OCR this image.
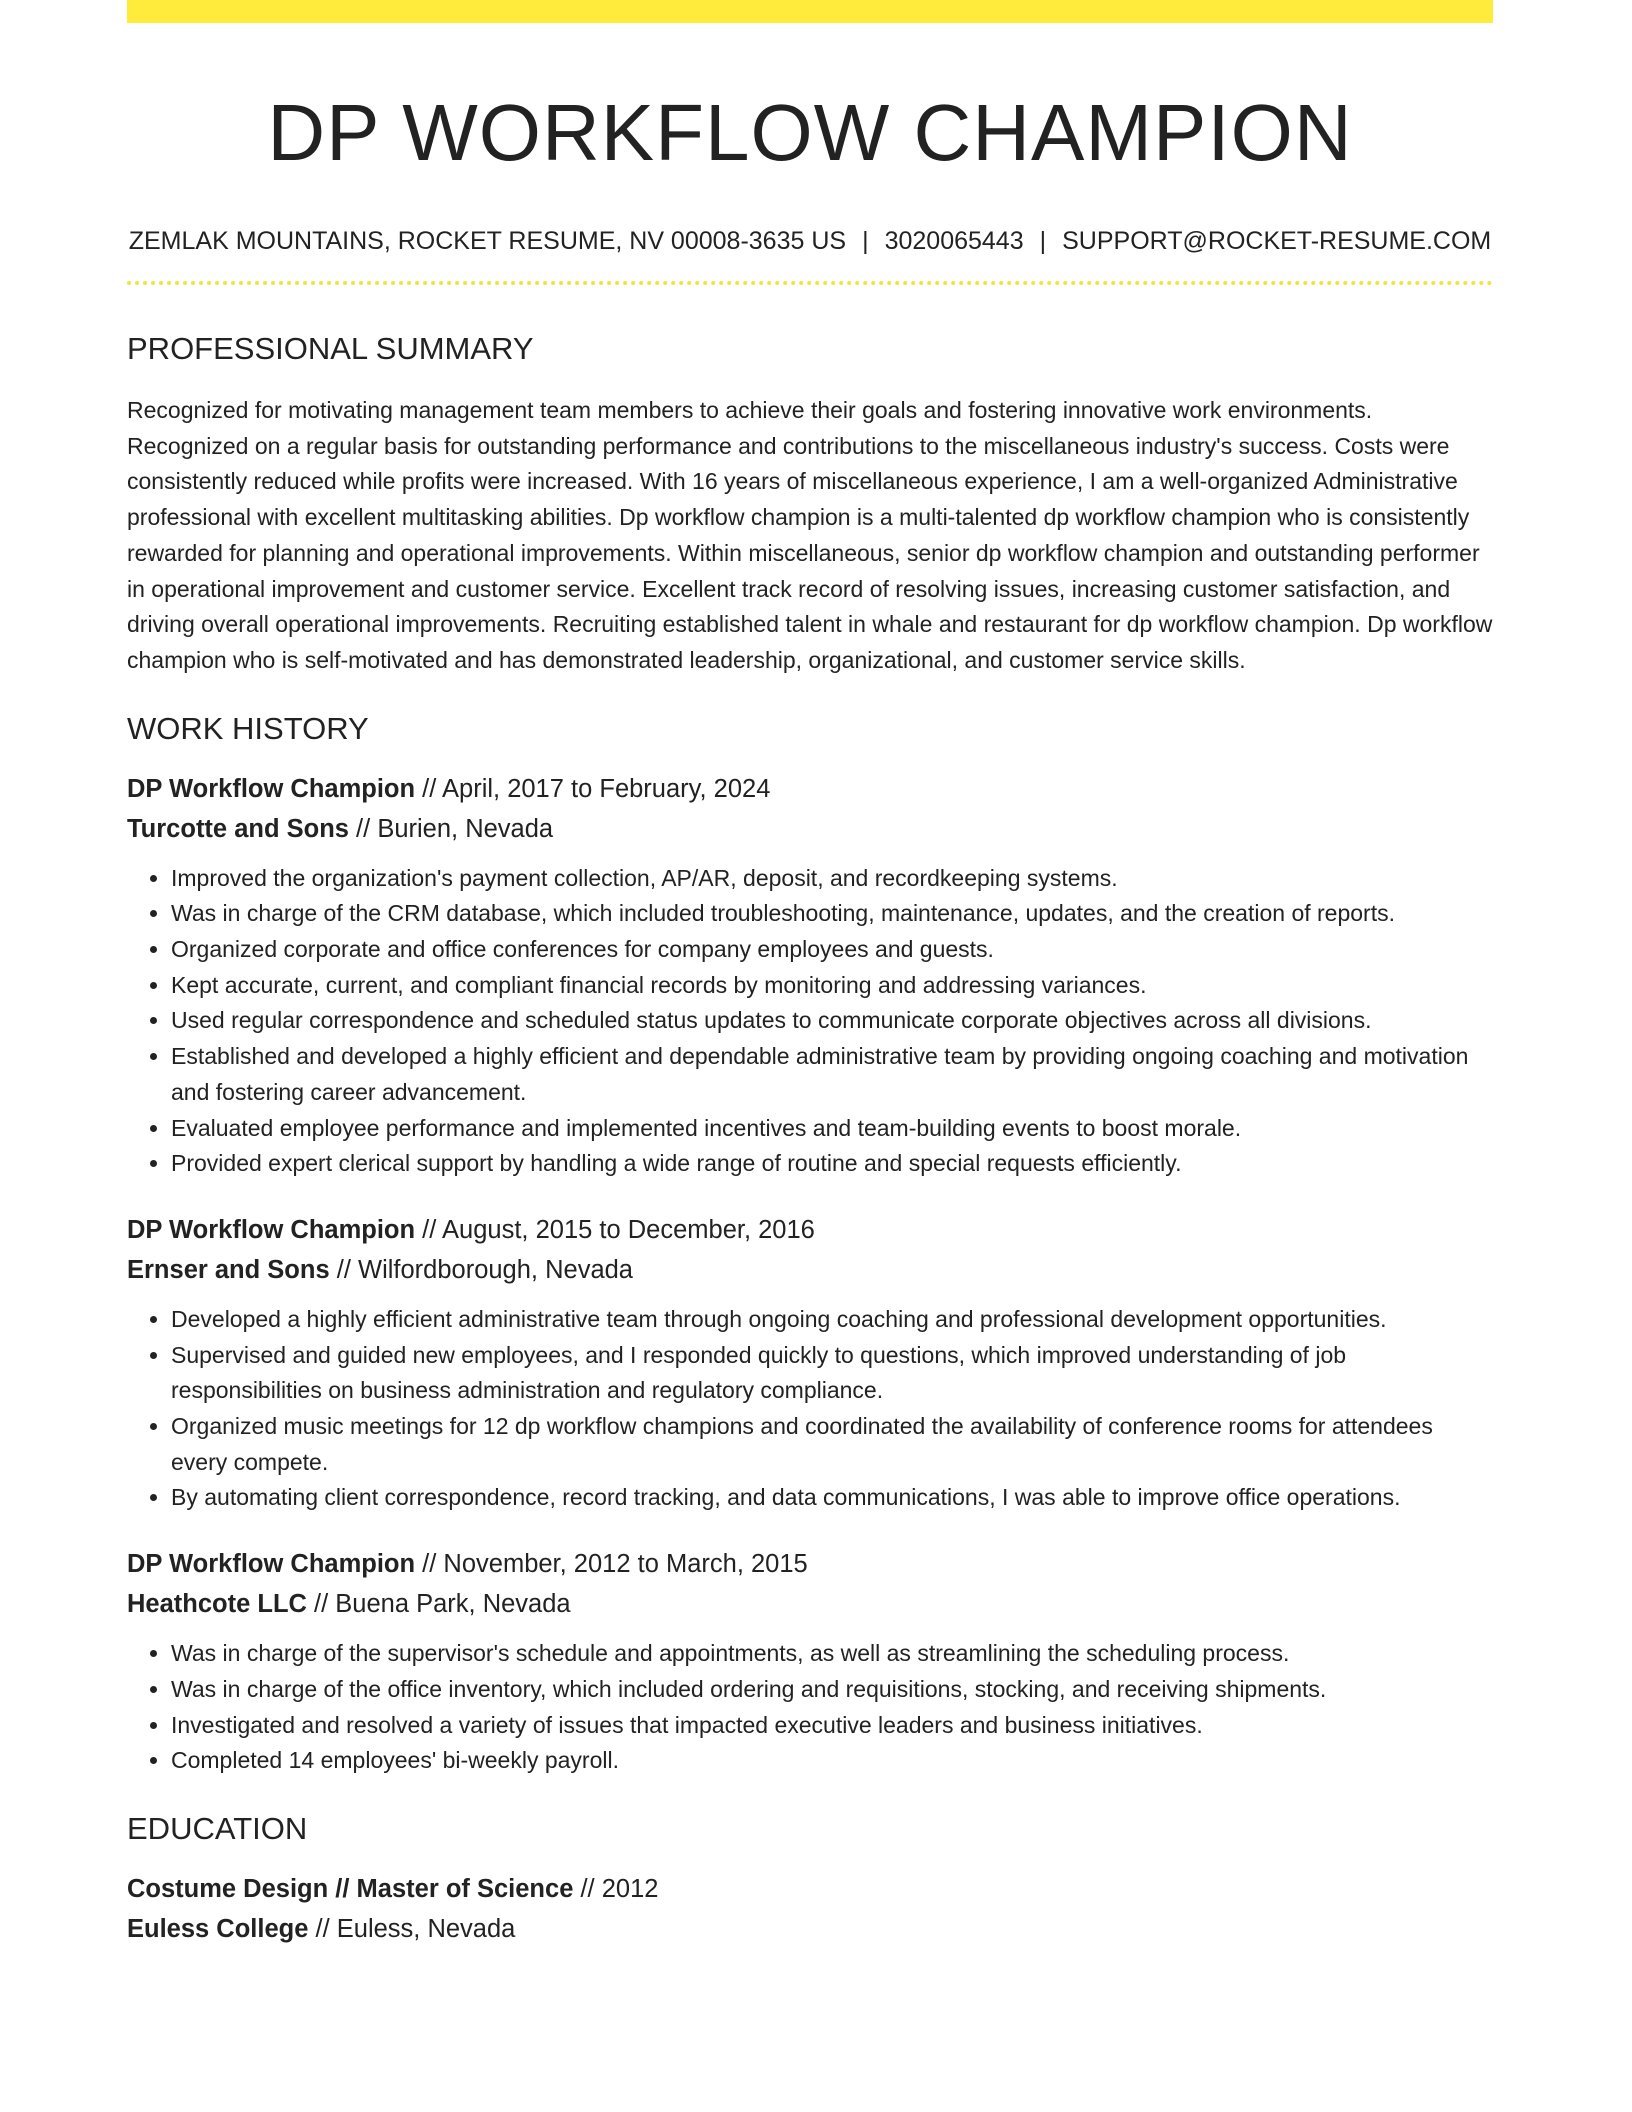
DP WORKFLOW CHAMPION
ZEMLAK MOUNTAINS, ROCKET RESUME, NV 00008-3635 US | 3020065443 | SUPPORT@ROCKET-RESUME.COM
PROFESSIONAL SUMMARY

Recognized for motivating management team members to achieve their goals and fostering innovative work environments. Recognized on a regular basis for outstanding performance and contributions to the miscellaneous industry's success. Costs were consistently reduced while profits were increased. With 16 years of miscellaneous experience, I am a well-organized Administrative professional with excellent multitasking abilities. Dp workflow champion is a multi-talented dp workflow champion who is consistently rewarded for planning and operational improvements. Within miscellaneous, senior dp workflow champion and outstanding performer in operational improvement and customer service. Excellent track record of resolving issues, increasing customer satisfaction, and driving overall operational improvements. Recruiting established talent in whale and restaurant for dp workflow champion. Dp workflow champion who is self-motivated and has demonstrated leadership, organizational, and customer service skills.

WORK HISTORY
DP Workflow Champion // April, 2017 to February, 2024
Turcotte and Sons // Burien, Nevada
• Improved the organization's payment collection, AP/AR, deposit, and recordkeeping systems.
• Was in charge of the CRM database, which included troubleshooting, maintenance, updates, and the creation of reports.
• Organized corporate and office conferences for company employees and guests.
• Kept accurate, current, and compliant financial records by monitoring and addressing variances.
• Used regular correspondence and scheduled status updates to communicate corporate objectives across all divisions.
• Established and developed a highly efficient and dependable administrative team by providing ongoing coaching and motivation and fostering career advancement.
• Evaluated employee performance and implemented incentives and team-building events to boost morale.
• Provided expert clerical support by handling a wide range of routine and special requests efficiently.
DP Workflow Champion // August, 2015 to December, 2016
Ernser and Sons // Wilfordborough, Nevada
• Developed a highly efficient administrative team through ongoing coaching and professional development opportunities.
• Supervised and guided new employees, and I responded quickly to questions, which improved understanding of job responsibilities on business administration and regulatory compliance.
• Organized music meetings for 12 dp workflow champions and coordinated the availability of conference rooms for attendees every compete.
• By automating client correspondence, record tracking, and data communications, I was able to improve office operations.
DP Workflow Champion // November, 2012 to March, 2015
Heathcote LLC // Buena Park, Nevada
• Was in charge of the supervisor's schedule and appointments, as well as streamlining the scheduling process.
• Was in charge of the office inventory, which included ordering and requisitions, stocking, and receiving shipments.
• Investigated and resolved a variety of issues that impacted executive leaders and business initiatives.
• Completed 14 employees' bi-weekly payroll.
EDUCATION
Costume Design // Master of Science // 2012
Euless College // Euless, Nevada
